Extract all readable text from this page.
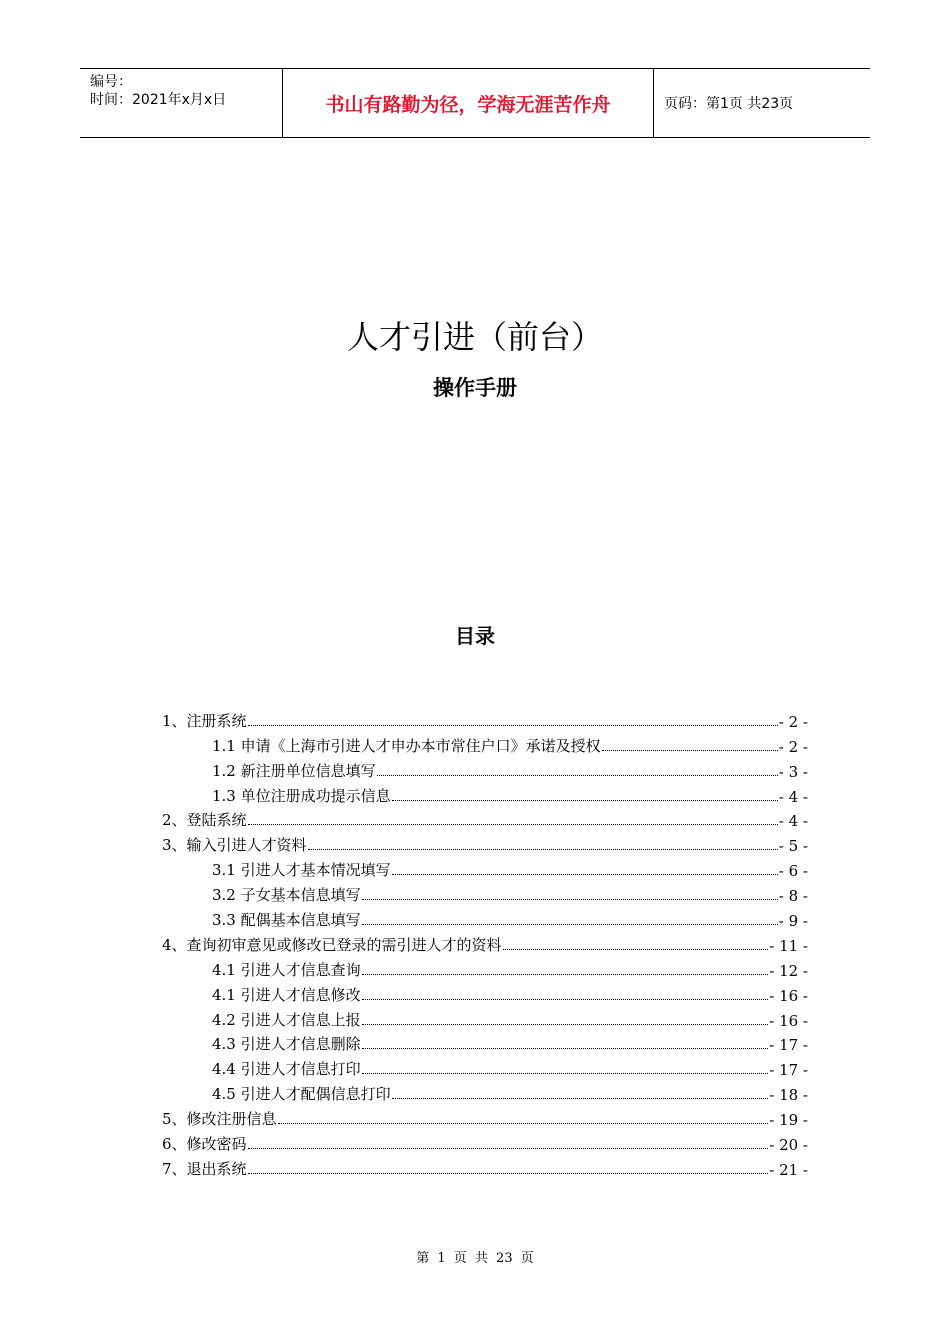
编号：
时间：2021年x月x日	书山有路勤为径，学海无涯苦作舟	页码：第1页 共23页
人才引进（前台）
操作手册
目录
1、注册系统	- 2 -
1.1 申请《上海市引进人才申办本市常住户口》承诺及授权	- 2 -
1.2 新注册单位信息填写	- 3 -
1.3 单位注册成功提示信息	- 4 -
2、登陆系统	- 4 -
3、输入引进人才资料	- 5 -
3.1 引进人才基本情况填写	- 6 -
3.2 子女基本信息填写	- 8 -
3.3 配偶基本信息填写	- 9 -
4、查询初审意见或修改已登录的需引进人才的资料	- 11 -
4.1 引进人才信息查询	- 12 -
4.1 引进人才信息修改	- 16 -
4.2 引进人才信息上报	- 16 -
4.3 引进人才信息删除	- 17 -
4.4 引进人才信息打印	- 17 -
4.5 引进人才配偶信息打印	- 18 -
5、修改注册信息	- 19 -
6、修改密码	- 20 -
7、退出系统	- 21 -
第 1 页 共 23 页
